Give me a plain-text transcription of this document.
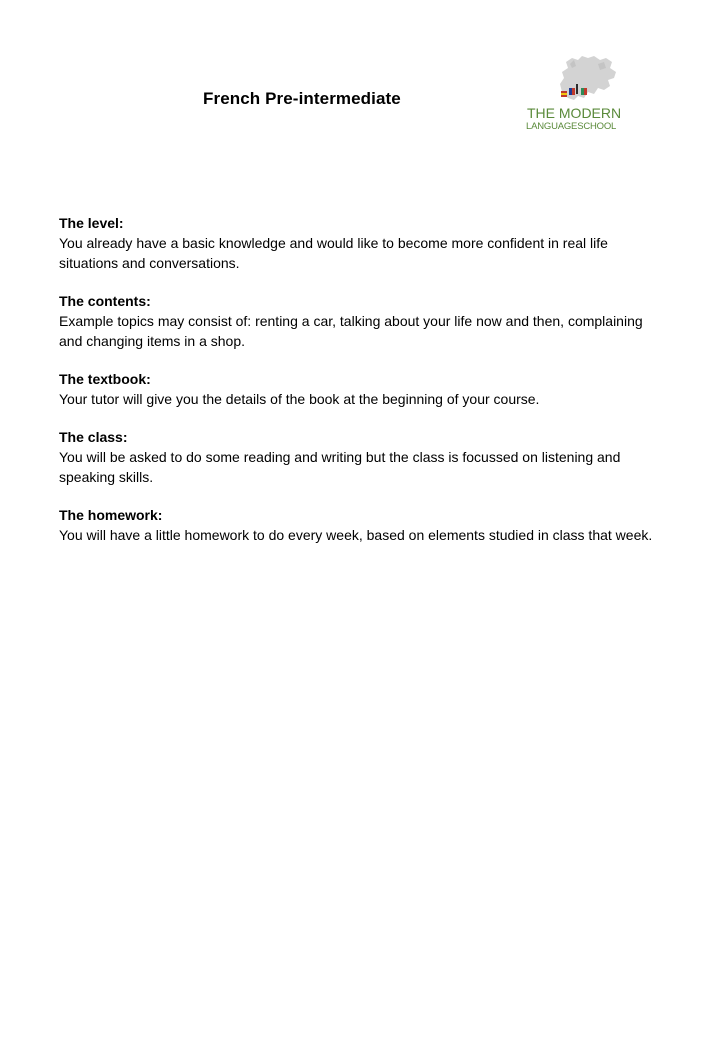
French Pre-intermediate
THE MODERN
LANGUAGESCHOOL
The level:
You already have a basic knowledge and would like to become more confident in real life situations and conversations.
The contents:
Example topics may consist of: renting a car, talking about your life now and then, complaining and changing items in a shop.
The textbook:
Your tutor will give you the details of the book at the beginning of your course.
The class:
You will be asked to do some reading and writing but the class is focussed on listening and speaking skills.
The homework:
You will have a little homework to do every week, based on elements studied in class that week.
